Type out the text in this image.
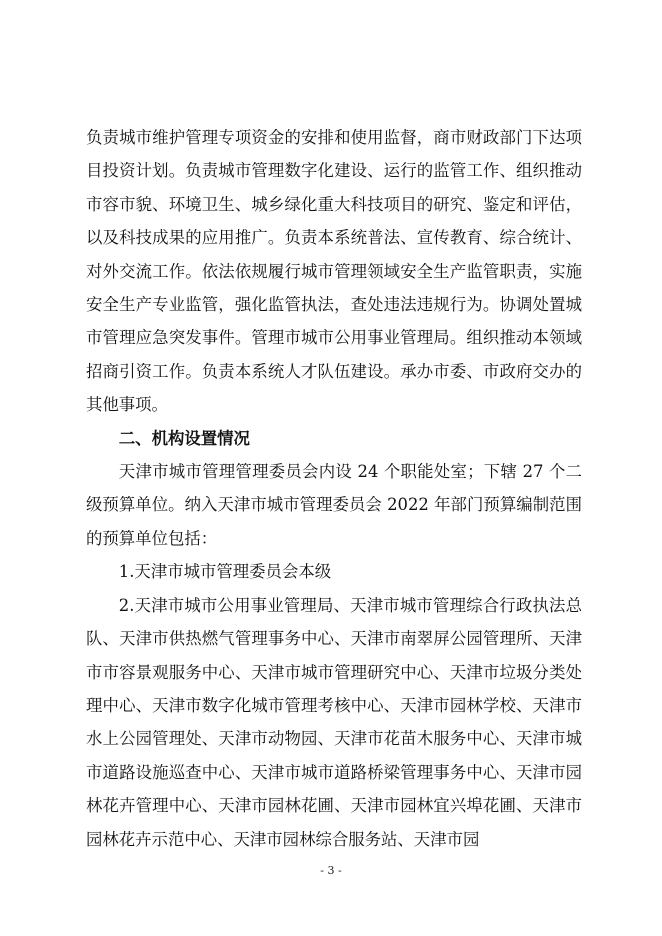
负责城市维护管理专项资金的安排和使用监督，商市财政部门下达项目投资计划。负责城市管理数字化建设、运行的监管工作、组织推动市容市貌、环境卫生、城乡绿化重大科技项目的研究、鉴定和评估，以及科技成果的应用推广。负责本系统普法、宣传教育、综合统计、对外交流工作。依法依规履行城市管理领域安全生产监管职责，实施安全生产专业监管，强化监管执法，查处违法违规行为。协调处置城市管理应急突发事件。管理市城市公用事业管理局。组织推动本领域招商引资工作。负责本系统人才队伍建设。承办市委、市政府交办的其他事项。

二、机构设置情况

天津市城市管理管理委员会内设 24 个职能处室；下辖 27 个二级预算单位。纳入天津市城市管理委员会 2022 年部门预算编制范围的预算单位包括：

1.天津市城市管理委员会本级

2.天津市城市公用事业管理局、天津市城市管理综合行政执法总队、天津市供热燃气管理事务中心、天津市南翠屏公园管理所、天津市市容景观服务中心、天津市城市管理研究中心、天津市垃圾分类处理中心、天津市数字化城市管理考核中心、天津市园林学校、天津市水上公园管理处、天津市动物园、天津市花苗木服务中心、天津市城市道路设施巡查中心、天津市城市道路桥梁管理事务中心、天津市园林花卉管理中心、天津市园林花圃、天津市园林宜兴埠花圃、天津市园林花卉示范中心、天津市园林综合服务站、天津市园

- 3 -
